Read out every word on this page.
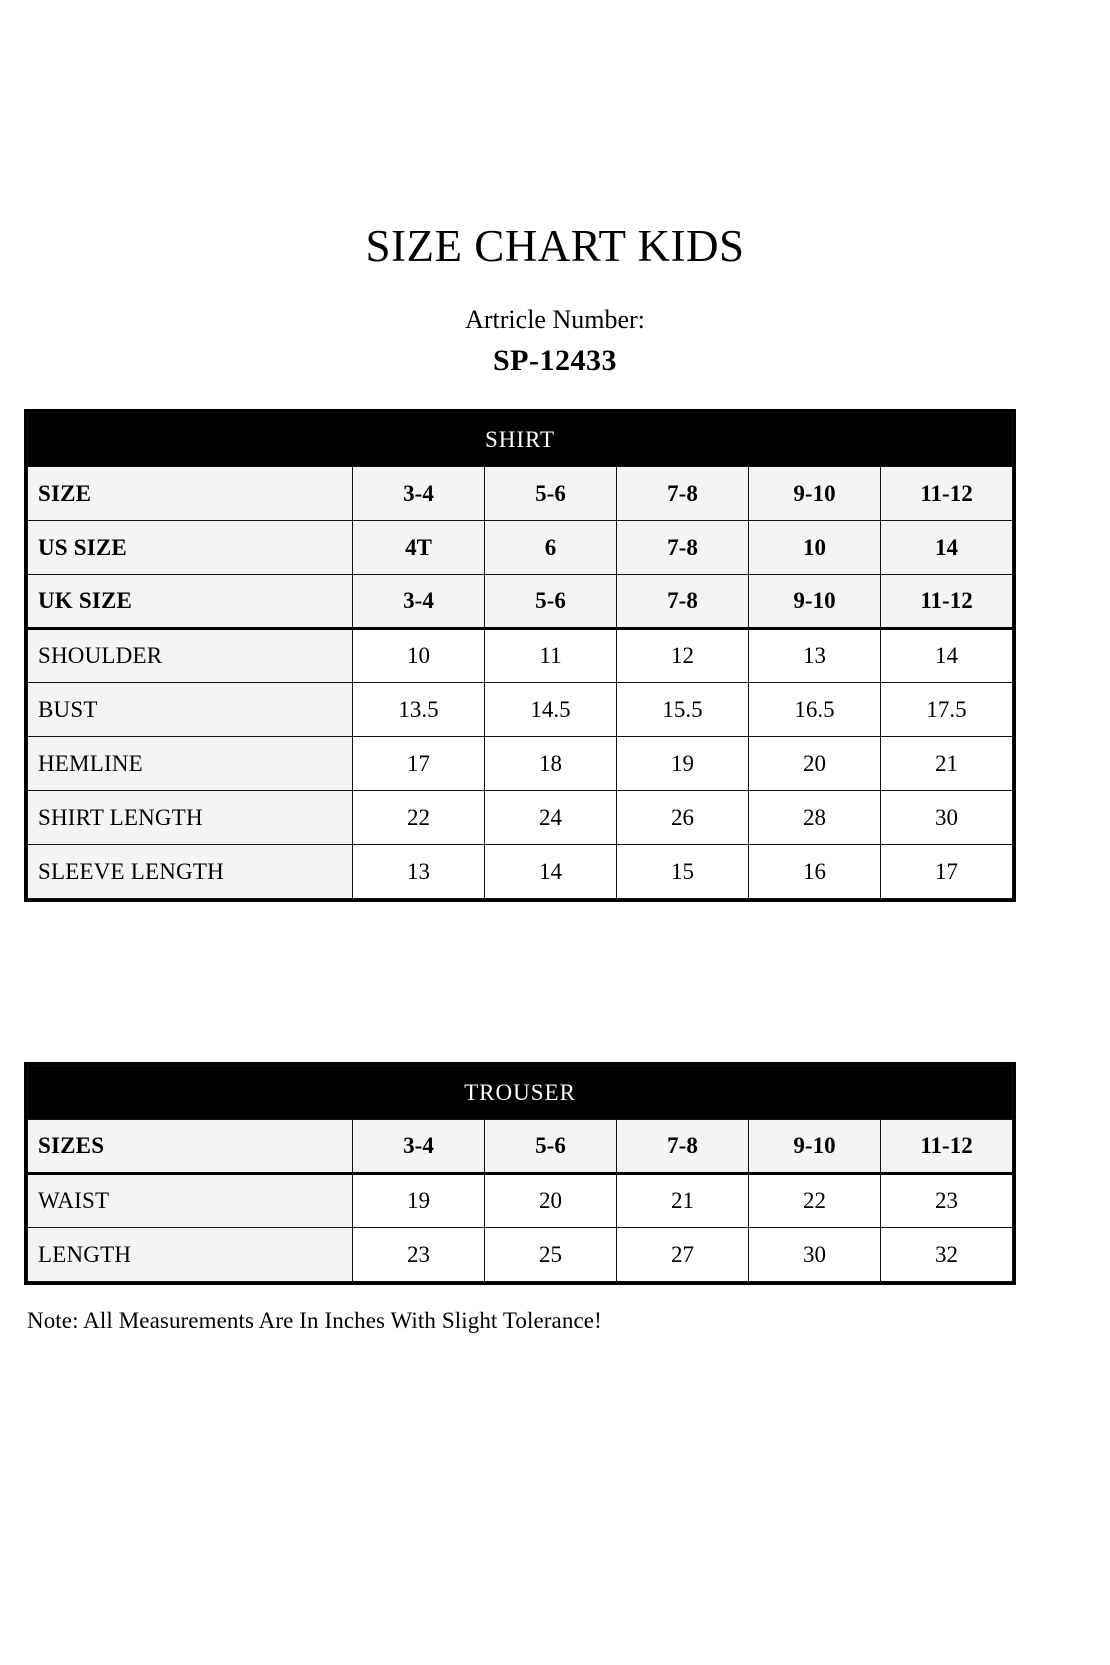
SIZE CHART KIDS
Artricle Number:
SP-12433
SHIRT					
SIZE	3-4	5-6	7-8	9-10	11-12
US SIZE	4T	6	7-8	10	14
UK SIZE	3-4	5-6	7-8	9-10	11-12
SHOULDER	10	11	12	13	14
BUST	13.5	14.5	15.5	16.5	17.5
HEMLINE	17	18	19	20	21
SHIRT LENGTH	22	24	26	28	30
SLEEVE LENGTH	13	14	15	16	17
TROUSER					
SIZES	3-4	5-6	7-8	9-10	11-12
WAIST	19	20	21	22	23
LENGTH	23	25	27	30	32
Note: All Measurements Are In Inches With Slight Tolerance!
